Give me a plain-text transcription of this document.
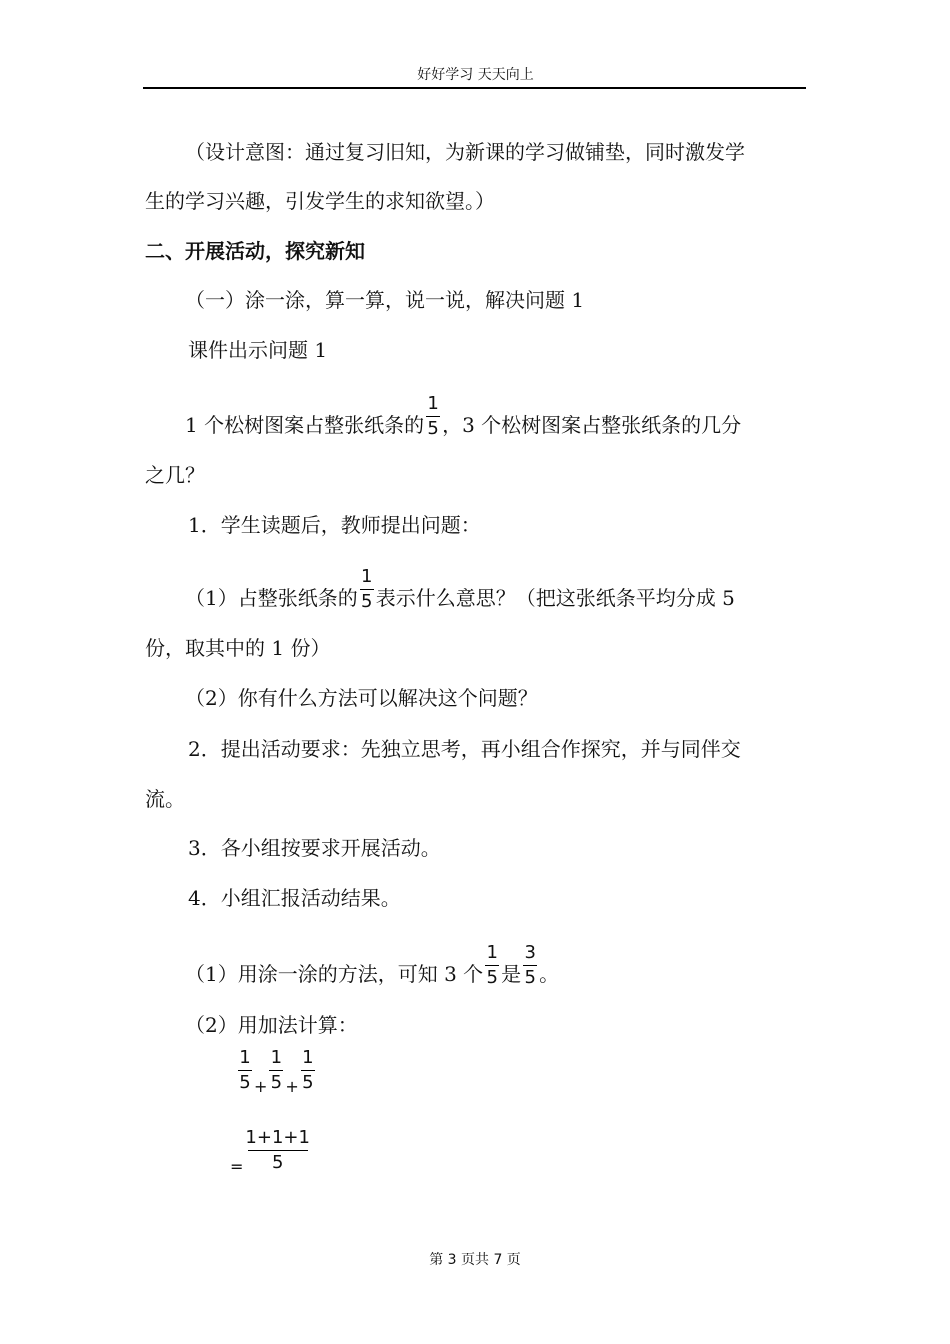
好好学习 天天向上
（设计意图：通过复习旧知，为新课的学习做铺垫，同时激发学
生的学习兴趣，引发学生的求知欲望。）
二、开展活动，探究新知
（一）涂一涂，算一算，说一说，解决问题 1
课件出示问题 1
1 个松树图案占整张纸条的 $\frac{1}{5}$ ，3 个松树图案占整张纸条的几分
之几？
1．学生读题后，教师提出问题：
（1）占整张纸条的 $\frac{1}{5}$ 表示什么意思？（把这张纸条平均分成 5
份，取其中的 1 份）
（2）你有什么方法可以解决这个问题？
2．提出活动要求：先独立思考，再小组合作探究，并与同伴交
流。
3．各小组按要求开展活动。
4．小组汇报活动结果。
（1）用涂一涂的方法，可知 3 个 $\frac{1}{5}$ 是 $\frac{3}{5}$ 。
（2）用加法计算：
$\frac{1}{5} _+ \frac{1}{5} _+ \frac{1}{5}$
$_= \frac{1+1+1}{5}$
第 3 页共 7 页
